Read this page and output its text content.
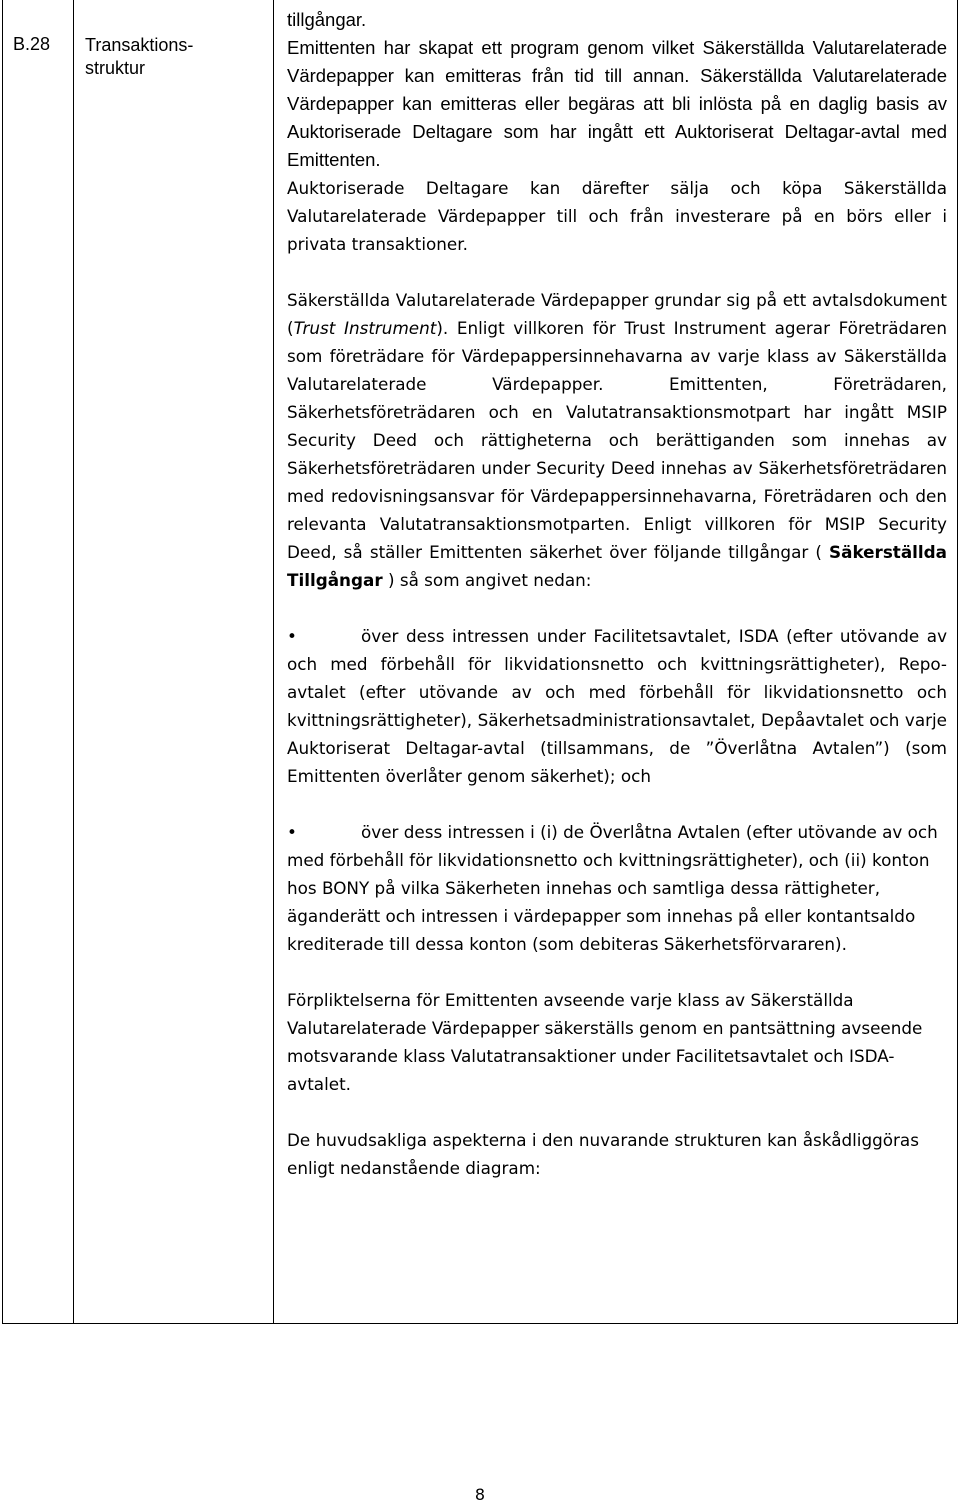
B.28 Transaktions-
struktur

tillgångar.

Emittenten har skapat ett program genom vilket Säkerställda Valutarelaterade Värdepapper kan emitteras från tid till annan. Säkerställda Valutarelaterade Värdepapper kan emitteras eller begäras att bli inlösta på en daglig basis av Auktoriserade Deltagare som har ingått ett Auktoriserat Deltagar-avtal med Emittenten.

Auktoriserade Deltagare kan därefter sälja och köpa Säkerställda Valutarelaterade Värdepapper till och från investerare på en börs eller i privata transaktioner.

Säkerställda Valutarelaterade Värdepapper grundar sig på ett avtalsdokument (Trust Instrument). Enligt villkoren för Trust Instrument agerar Företrädaren som företrädare för Värdepappersinnehavarna av varje klass av Säkerställda Valutarelaterade Värdepapper. Emittenten, Företrädaren, Säkerhetsföreträdaren och en Valutatransaktionsmotpart har ingått MSIP Security Deed och rättigheterna och berättiganden som innehas av Säkerhetsföreträdaren under Security Deed innehas av Säkerhetsföreträdaren med redovisningsansvar för Värdepappersinnehavarna, Företrädaren och den relevanta Valutatransaktionsmotparten. Enligt villkoren för MSIP Security Deed, så ställer Emittenten säkerhet över följande tillgångar ( Säkerställda Tillgångar ) så som angivet nedan:

•	över dess intressen under Facilitetsavtalet, ISDA (efter utövande av och med förbehåll för likvidationsnetto och kvittningsrättigheter), Repo-avtalet (efter utövande av och med förbehåll för likvidationsnetto och kvittningsrättigheter), Säkerhetsadministrationsavtalet, Depåavtalet och varje Auktoriserat Deltagar-avtal (tillsammans, de ”Överlåtna Avtalen”) (som Emittenten överlåter genom säkerhet); och

•	över dess intressen i (i) de Överlåtna Avtalen (efter utövande av och med förbehåll för likvidationsnetto och kvittningsrättigheter), och (ii) konton hos BONY på vilka Säkerheten innehas och samtliga dessa rättigheter, äganderätt och intressen i värdepapper som innehas på eller kontantsaldo krediterade till dessa konton (som debiteras Säkerhetsförvararen).

Förpliktelserna för Emittenten avseende varje klass av Säkerställda Valutarelaterade Värdepapper säkerställs genom en pantsättning avseende motsvarande klass Valutatransaktioner under Facilitetsavtalet och ISDA-avtalet.

De huvudsakliga aspekterna i den nuvarande strukturen kan åskådliggöras enligt nedanstående diagram:

8
